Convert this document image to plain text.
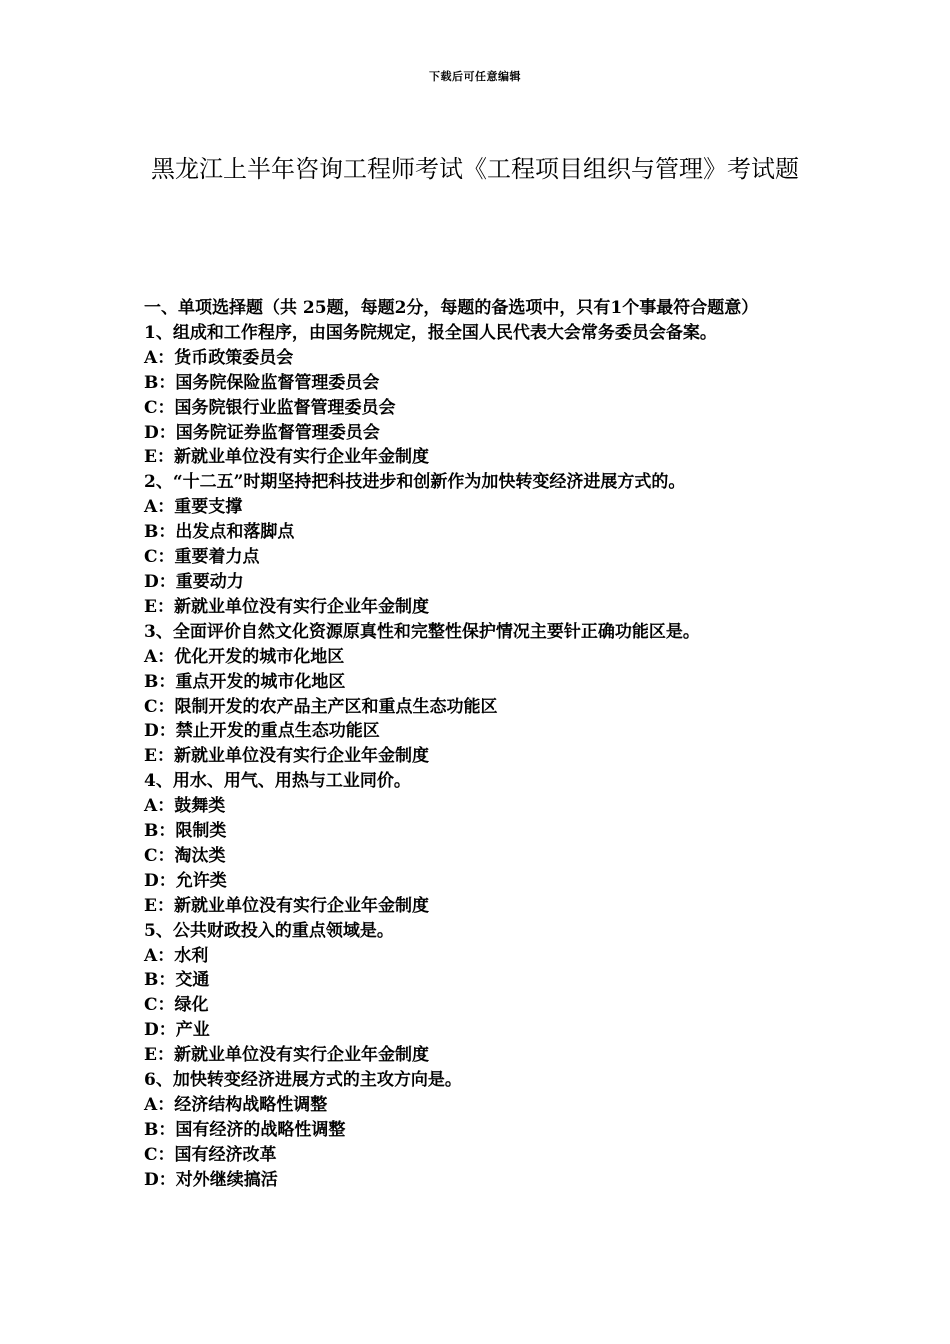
下载后可任意编辑
黑龙江上半年咨询工程师考试《工程项目组织与管理》考试题

一、单项选择题（共 25题，每题2分，每题的备选项中，只有1个事最符合题意）

1、组成和工作程序，由国务院规定，报全国人民代表大会常务委员会备案。

A：货币政策委员会

B：国务院保险监督管理委员会

C：国务院银行业监督管理委员会

D：国务院证券监督管理委员会

E：新就业单位没有实行企业年金制度

2、“十二五”时期坚持把科技进步和创新作为加快转变经济进展方式的。

A：重要支撑

B：出发点和落脚点

C：重要着力点

D：重要动力

E：新就业单位没有实行企业年金制度

3、全面评价自然文化资源原真性和完整性保护情况主要针正确功能区是。

A：优化开发的城市化地区

B：重点开发的城市化地区

C：限制开发的农产品主产区和重点生态功能区

D：禁止开发的重点生态功能区

E：新就业单位没有实行企业年金制度

4、用水、用气、用热与工业同价。

A：鼓舞类

B：限制类

C：淘汰类

D：允许类

E：新就业单位没有实行企业年金制度

5、公共财政投入的重点领域是。

A：水利

B：交通

C：绿化

D：产业

E：新就业单位没有实行企业年金制度

6、加快转变经济进展方式的主攻方向是。

A：经济结构战略性调整

B：国有经济的战略性调整

C：国有经济改革

D：对外继续搞活
